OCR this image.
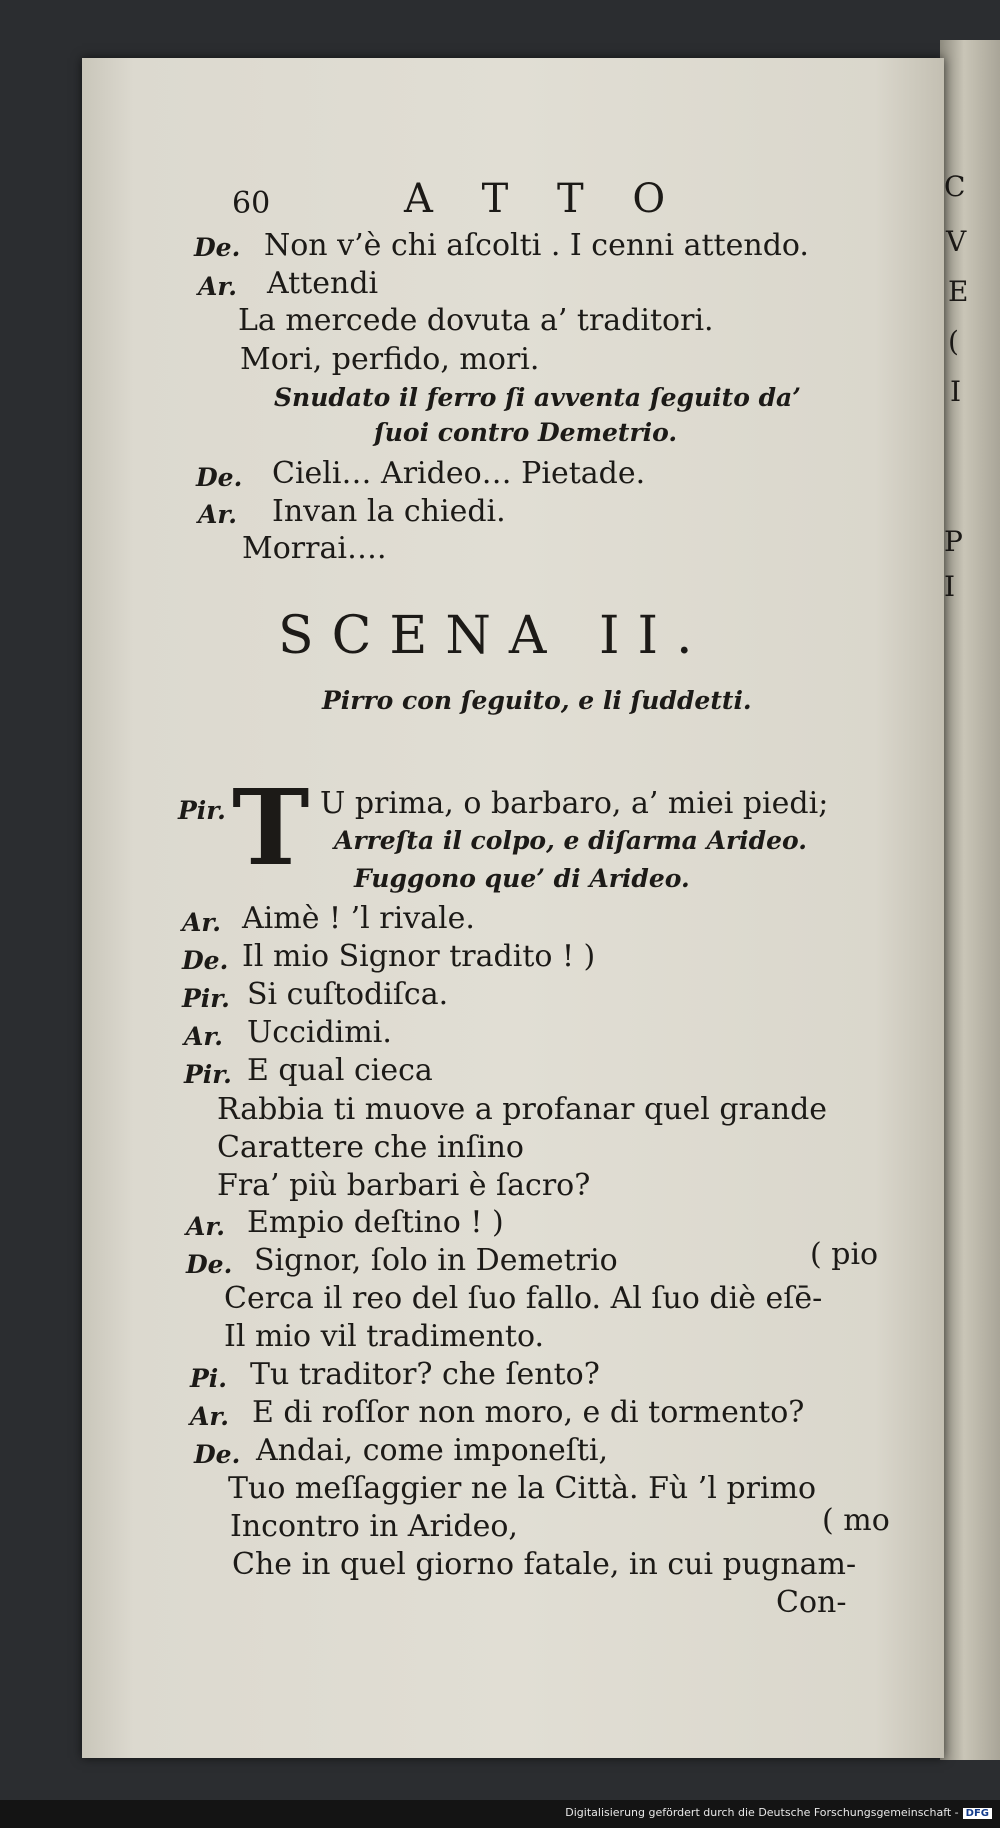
C
V
E
(
I
P
I
60	A T T O
De. Non v’è chi aſcolti . I cenni attendo.
Ar. Attendi
La mercede dovuta a’ traditori.
Mori, perfido, mori.
Snudato il ferro ſi avventa ſeguito da’
ſuoi contro Demetrio.
De. Cieli… Arideo… Pietade.
Ar. Invan la chiedi.
Morrai….
SCENA II.
Pirro con ſeguito, e li ſuddetti.
Pir. T U prima, o barbaro, a’ miei piedi;
Arreſta il colpo, e diſarma Arideo.
Fuggono que’ di Arideo.
Ar. Aimè ! ’l rivale.
De. Il mio Signor tradito ! )
Pir. Si cuſtodiſca.
Ar. Uccidimi.
Pir. E qual cieca
Rabbia ti muove a profanar quel grande
Carattere che inſino
Fra’ più barbari è ſacro?
Ar. Empio deſtino ! )
De. Signor, ſolo in Demetrio	( pio
Cerca il reo del ſuo fallo. Al ſuo diè eſē-
Il mio vil tradimento.
Pi. Tu traditor? che ſento?
Ar. E di roſſor non moro, e di tormento?
De. Andai, come imponeſti,
Tuo meſſaggier ne la Città. Fù ’l primo
Incontro in Arideo,	( mo
Che in quel giorno fatale, in cui pugnam-
Con-
Digitalisierung gefördert durch die Deutsche Forschungsgemeinschaft - DFG
